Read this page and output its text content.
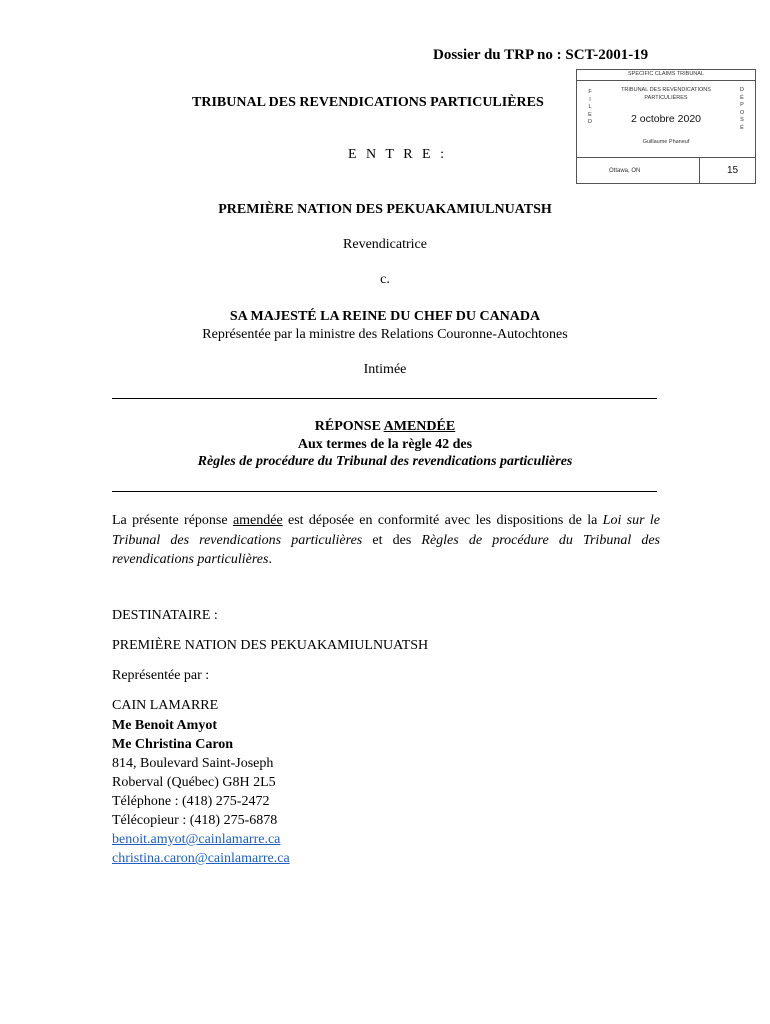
Dossier du TRP no : SCT-2001-19
TRIBUNAL DES REVENDICATIONS PARTICULIÈRES
E N T R E :
SPECIFIC CLAIMS TRIBUNAL
F
I
L
E
D
D
É
P
O
S
É
TRIBUNAL DES REVENDICATIONS PARTICULIÈRES
2 octobre 2020
Guillaume Phaneuf
Ottawa, ON	15
PREMIÈRE NATION DES PEKUAKAMIULNUATSH
Revendicatrice
c.
SA MAJESTÉ LA REINE DU CHEF DU CANADA
Représentée par la ministre des Relations Couronne-Autochtones
Intimée
RÉPONSE AMENDÉE
Aux termes de la règle 42 des
Règles de procédure du Tribunal des revendications particulières
La présente réponse amendée est déposée en conformité avec les dispositions de la Loi sur le Tribunal des revendications particulières et des Règles de procédure du Tribunal des revendications particulières.
DESTINATAIRE :
PREMIÈRE NATION DES PEKUAKAMIULNUATSH
Représentée par :
CAIN LAMARRE
Me Benoit Amyot
Me Christina Caron
814, Boulevard Saint-Joseph
Roberval (Québec) G8H 2L5
Téléphone : (418) 275-2472
Télécopieur : (418) 275-6878
benoit.amyot@cainlamarre.ca
christina.caron@cainlamarre.ca
